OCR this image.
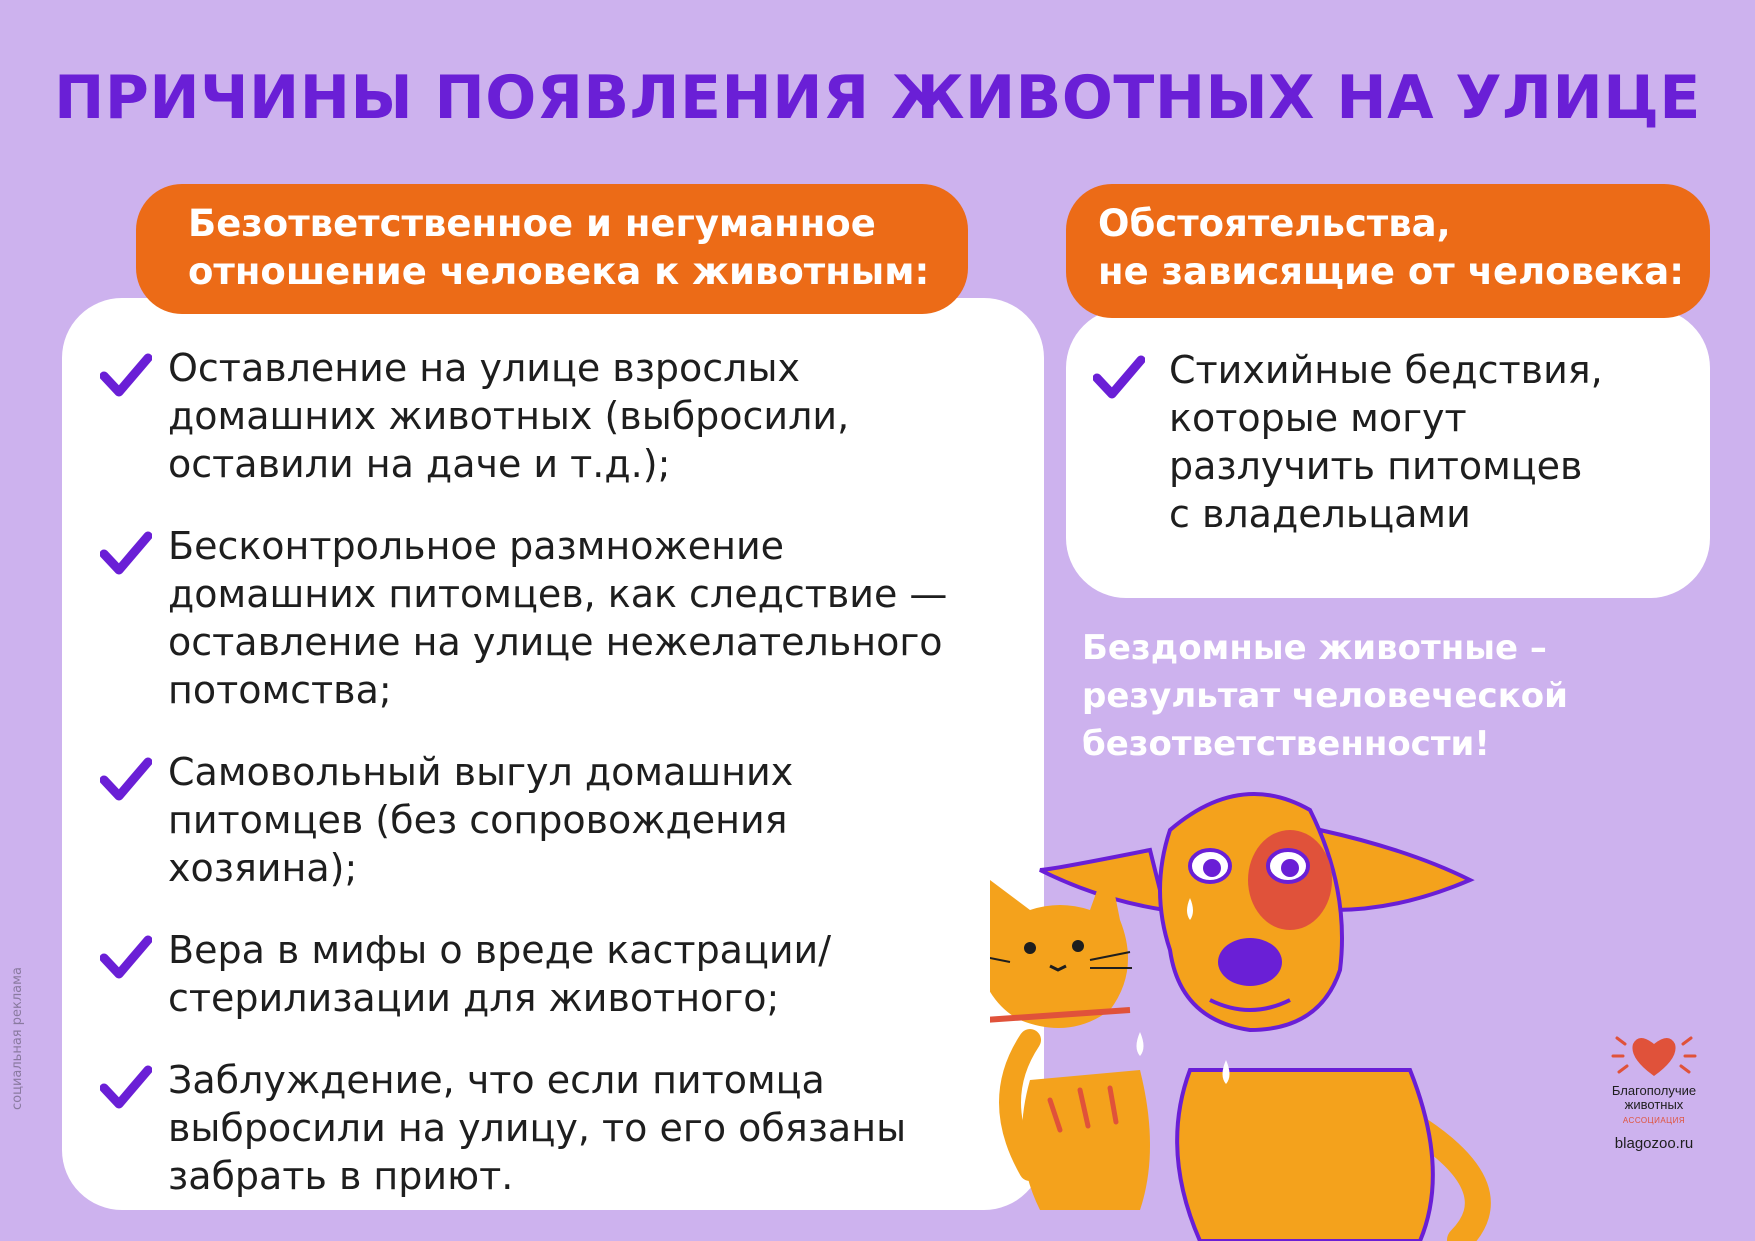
ПРИЧИНЫ ПОЯВЛЕНИЯ ЖИВОТНЫХ НА УЛИЦЕ
Безответственное и негуманное
отношение человека к животным:
Обстоятельства,
не зависящие от человека:
Оставление на улице взрослых
домашних животных (выбросили,
оставили на даче и т.д.);
Бесконтрольное размножение
домашних питомцев, как следствие —
оставление на улице нежелательного
потомства;
Самовольный выгул домашних
питомцев (без сопровождения
хозяина);
Вера в мифы о вреде кастрации/
стерилизации для животного;
Заблуждение, что если питомца
выбросили на улицу, то его обязаны
забрать в приют.
Стихийные бедствия,
которые могут
разлучить питомцев
с владельцами
Бездомные животные –
результат человеческой
безответственности!
социальная реклама	Благополучие
животных
АССОЦИАЦИЯ
blagozoo.ru
